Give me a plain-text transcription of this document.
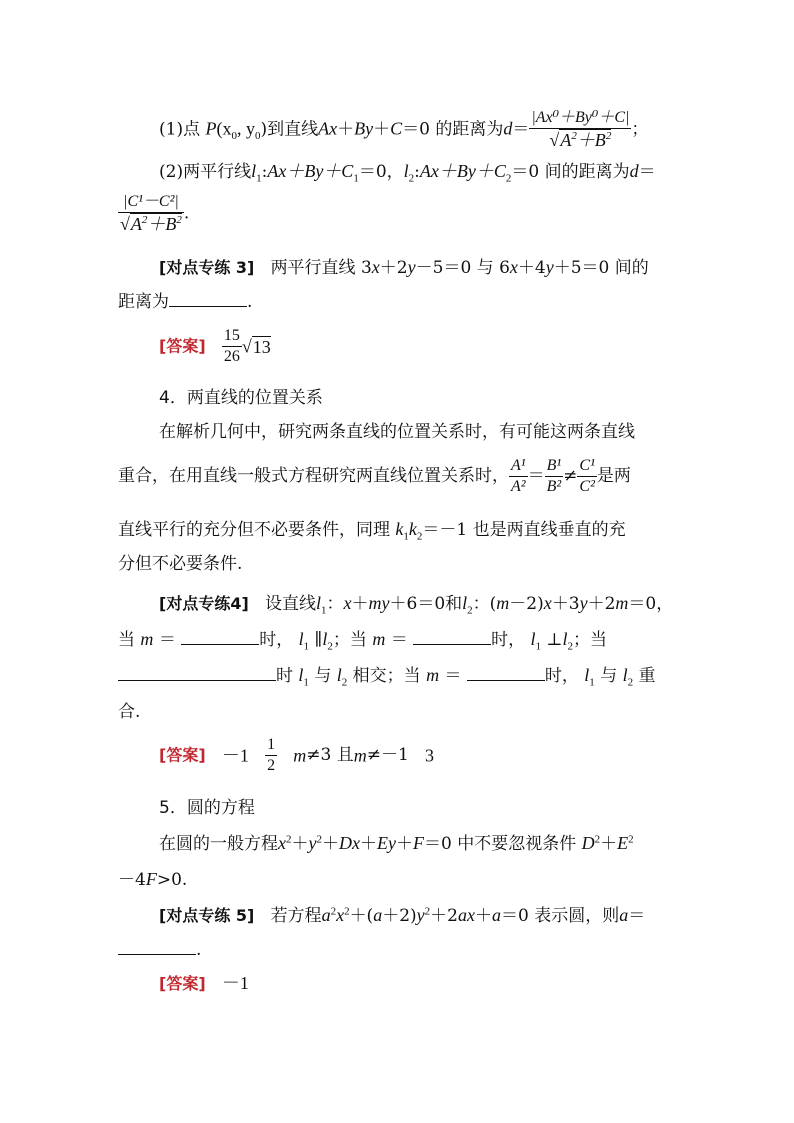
(1)点 $P(x_0$, $y_0$)到直线Ax＋By＋C＝0 的距离为$d= \frac{\text{|Ax⁰＋By⁰＋C|}}{√A^2+B^2}$ ；
(2)两平行线$l_1:Ax+By+C_1=0$，$l_2:Ax+By+C_2=0$ 间的距离为d＝
$\frac{\text{|C¹－C²|}}{√A^2+B^2}$ .
[对点专练 3] 两平行直线 3x＋2y－5＝0 与 6x＋4y＋5＝0 间的
距离为	.
[答案] $\frac{15}{26} √13$
4．两直线的位置关系
在解析几何中，研究两条直线的位置关系时，有可能这两条直线
重合，在用直线一般式方程研究两直线位置关系时， $\frac{\text{A¹}}{\text{A²}} = \frac{\text{B¹}}{\text{B²}} \ne \frac{\text{C¹}}{\text{C²}}$ 是两
直线平行的充分但不必要条件，同理 $k_1k_2=-1$ 也是两直线垂直的充
分但不必要条件.
[对点专练4] 设直线$l_1$：x＋my＋6＝0和$l_2$：(m－2)x＋3y＋2m＝0，
当 m ＝	时， $l_1$ $\parallel l_2$；当 m ＝	时， $l_1$ $\perp l_2$；当
时 $l_1$ 与 $l_2$ 相交；当 m ＝	时， $l_1$ 与 $l_2$ 重
合.
[答案] $-1 \frac{1}{2} m\ne 3$ 且m≠－1 3
5．圆的方程
在圆的一般方程$x^2+y^2+Dx+Ey+F=0$ 中不要忽视条件 $D^2+E^2$
－4F>0.
[对点专练 5] 若方程$a^2x^2+(a+2)y^2+2ax+a=0$ 表示圆，则a＝
.
[答案] －1
